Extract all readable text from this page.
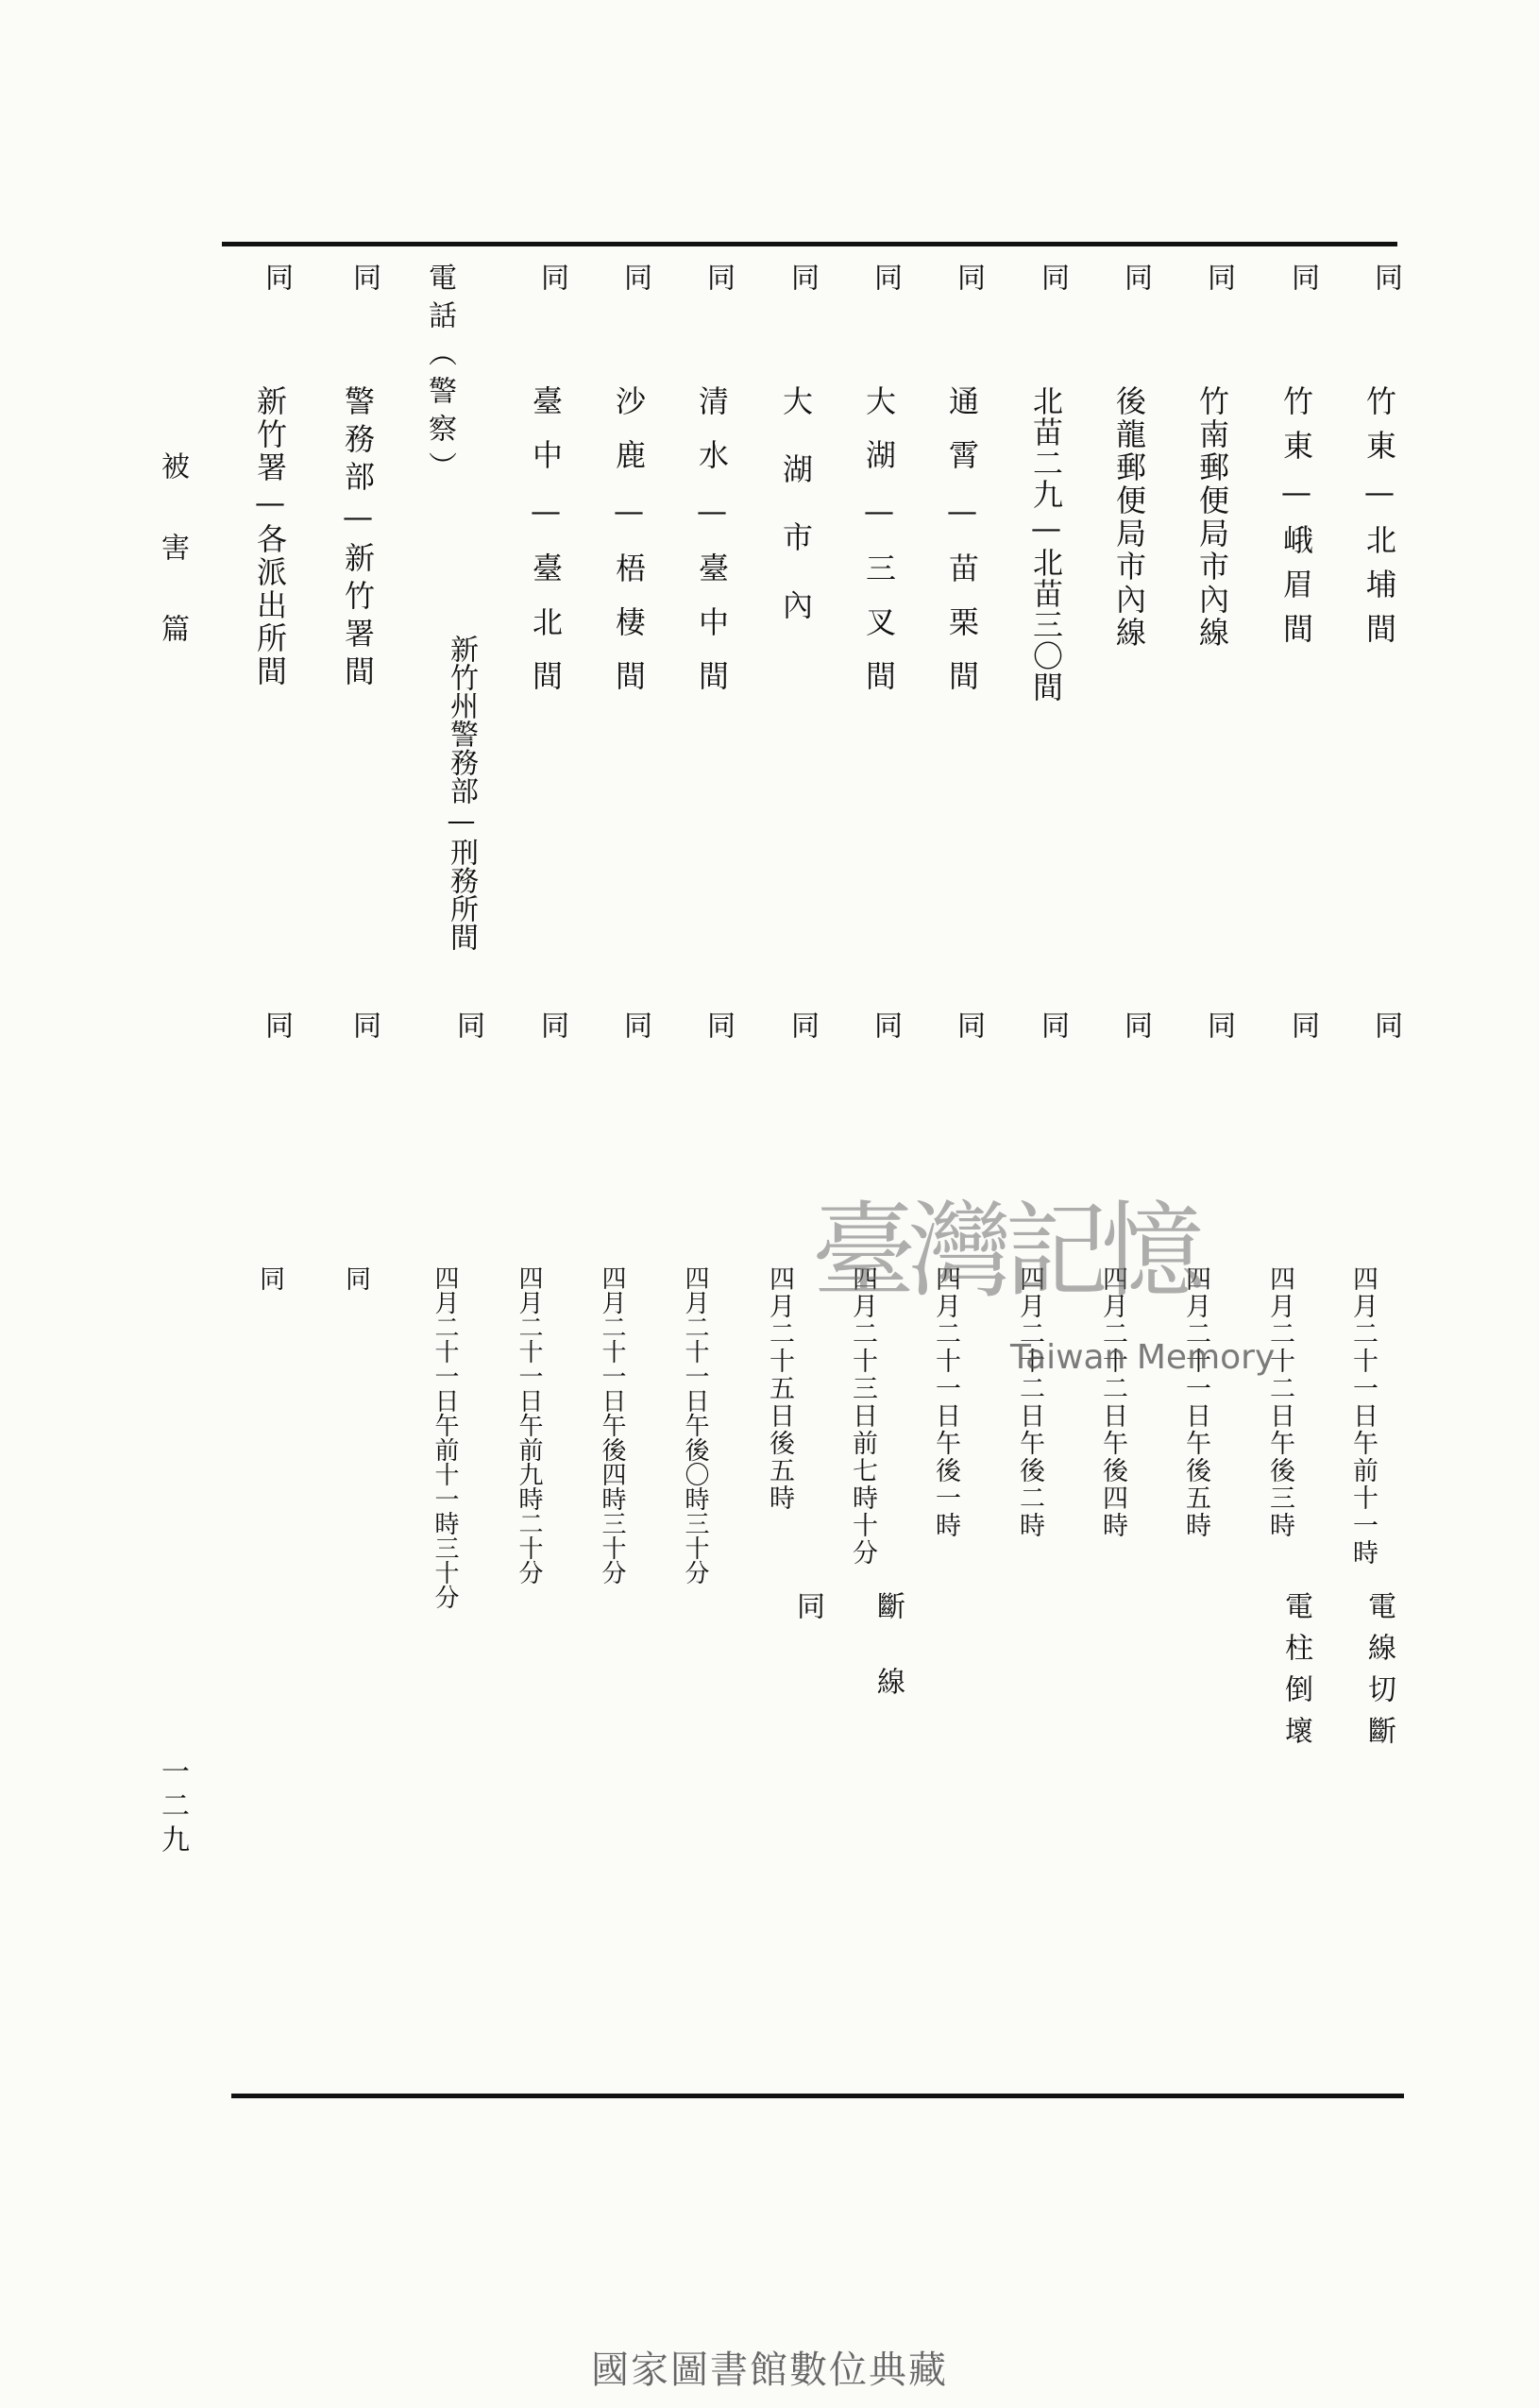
被害篇
一二九
同
竹東—北埔間
同
四月二十一日午前十一時
電線切斷
同
竹東—峨眉間
同
四月二十二日午後三時
電柱倒壞
同
竹南郵便局市內線
同
四月二十一日午後五時
同
後龍郵便局市內線
同
四月二十二日午後四時
同
北苗二九—北苗三〇間
同
四月二十二日午後二時
同
通霄—苗栗間
同
四月二十一日午後一時
同
大湖—三叉間
同
四月二十三日前七時十分
斷線
同
大湖市內
同
四月二十五日後五時
同
同
清水—臺中間
同
四月二十一日午後〇時三十分
同
沙鹿—梧棲間
同
四月二十一日午後四時三十分
同
臺中—臺北間
同
四月二十一日午前九時二十分
電話（警察）
新竹州警務部—刑務所間
同
四月二十一日午前十一時三十分
同
警務部—新竹署間
同
同
同
新竹署—各派出所間
同
同	臺灣記憶
Taiwan Memory
國家圖書館數位典藏
